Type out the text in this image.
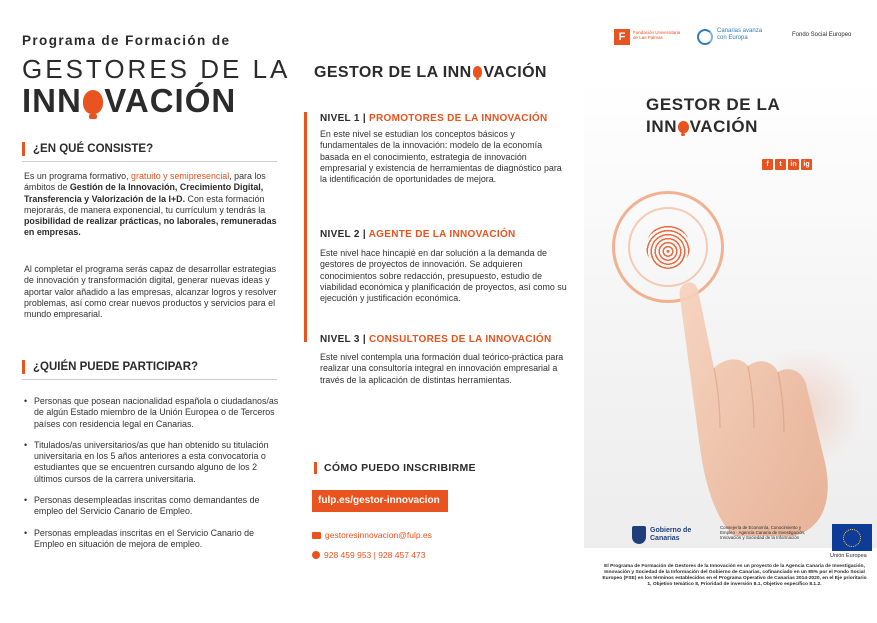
Programa de Formación de
GESTORES DE LA
INN VACIÓN
¿EN QUÉ CONSISTE?
Es un programa formativo, gratuito y semipresencial, para los ámbitos de Gestión de la Innovación, Crecimiento Digital, Transferencia y Valorización de la I+D. Con esta formación mejorarás, de manera exponencial, tu currículum y tendrás la posibilidad de realizar prácticas, no laborales, remuneradas en empresas.
Al completar el programa serás capaz de desarrollar estrategias de innovación y transformación digital, generar nuevas ideas y aportar valor añadido a las empresas, alcanzar logros y resolver problemas, así como crear nuevos productos y servicios para el mundo empresarial.
¿QUIÉN PUEDE PARTICIPAR?
• Personas que posean nacionalidad española o ciudadanos/as de algún Estado miembro de la Unión Europea o de Terceros países con residencia legal en Canarias.
• Titulados/as universitarios/as que han obtenido su titulación universitaria en los 5 años anteriores a esta convocatoria o estudiantes que se encuentren cursando alguno de los 2 últimos cursos de la carrera universitaria.
• Personas desempleadas inscritas como demandantes de empleo del Servicio Canario de Empleo.
• Personas empleadas inscritas en el Servicio Canario de Empleo en situación de mejora de empleo.
GESTOR DE LA INN VACIÓN
NIVEL 1 | PROMOTORES DE LA INNOVACIÓN
En este nivel se estudian los conceptos básicos y fundamentales de la innovación: modelo de la economía basada en el conocimiento, estrategia de innovación empresarial y existencia de herramientas de diagnóstico para la identificación de oportunidades de mejora.
NIVEL 2 | AGENTE DE LA INNOVACIÓN
Este nivel hace hincapié en dar solución a la demanda de gestores de proyectos de innovación. Se adquieren conocimientos sobre redacción, presupuesto, estudio de viabilidad económica y planificación de proyectos, así como su ejecución y justificación económica.
NIVEL 3 | CONSULTORES DE LA INNOVACIÓN
Este nivel contempla una formación dual teórico-práctica para realizar una consultoría integral en innovación empresarial a través de la aplicación de distintas herramientas.
CÓMO PUEDO INSCRIBIRME
fulp.es/gestor-innovacion
gestoresinnovacion@fulp.es
928 459 953 | 928 457 473
F	Fundación Universitaria de Las Palmas
Canarias avanza con Europa	Fondo Social Europeo
GESTOR DE LA
INN VACIÓN
f t in ig
Gobierno de Canarias
Consejería de Economía, Conocimiento y Empleo · Agencia Canaria de Investigación, Innovación y Sociedad de la Información
Unión Europea
El Programa de Formación de Gestores de la Innovación es un proyecto de la Agencia Canaria de Investigación, Innovación y Sociedad de la Información del Gobierno de Canarias, cofinanciado en un 85% por el Fondo Social Europeo (FSE) en los términos establecidos en el Programa Operativo de Canarias 2014-2020, en el Eje prioritario 1, Objetivo temático 8, Prioridad de inversión 8.1, Objetivo específico 8.1.2.
